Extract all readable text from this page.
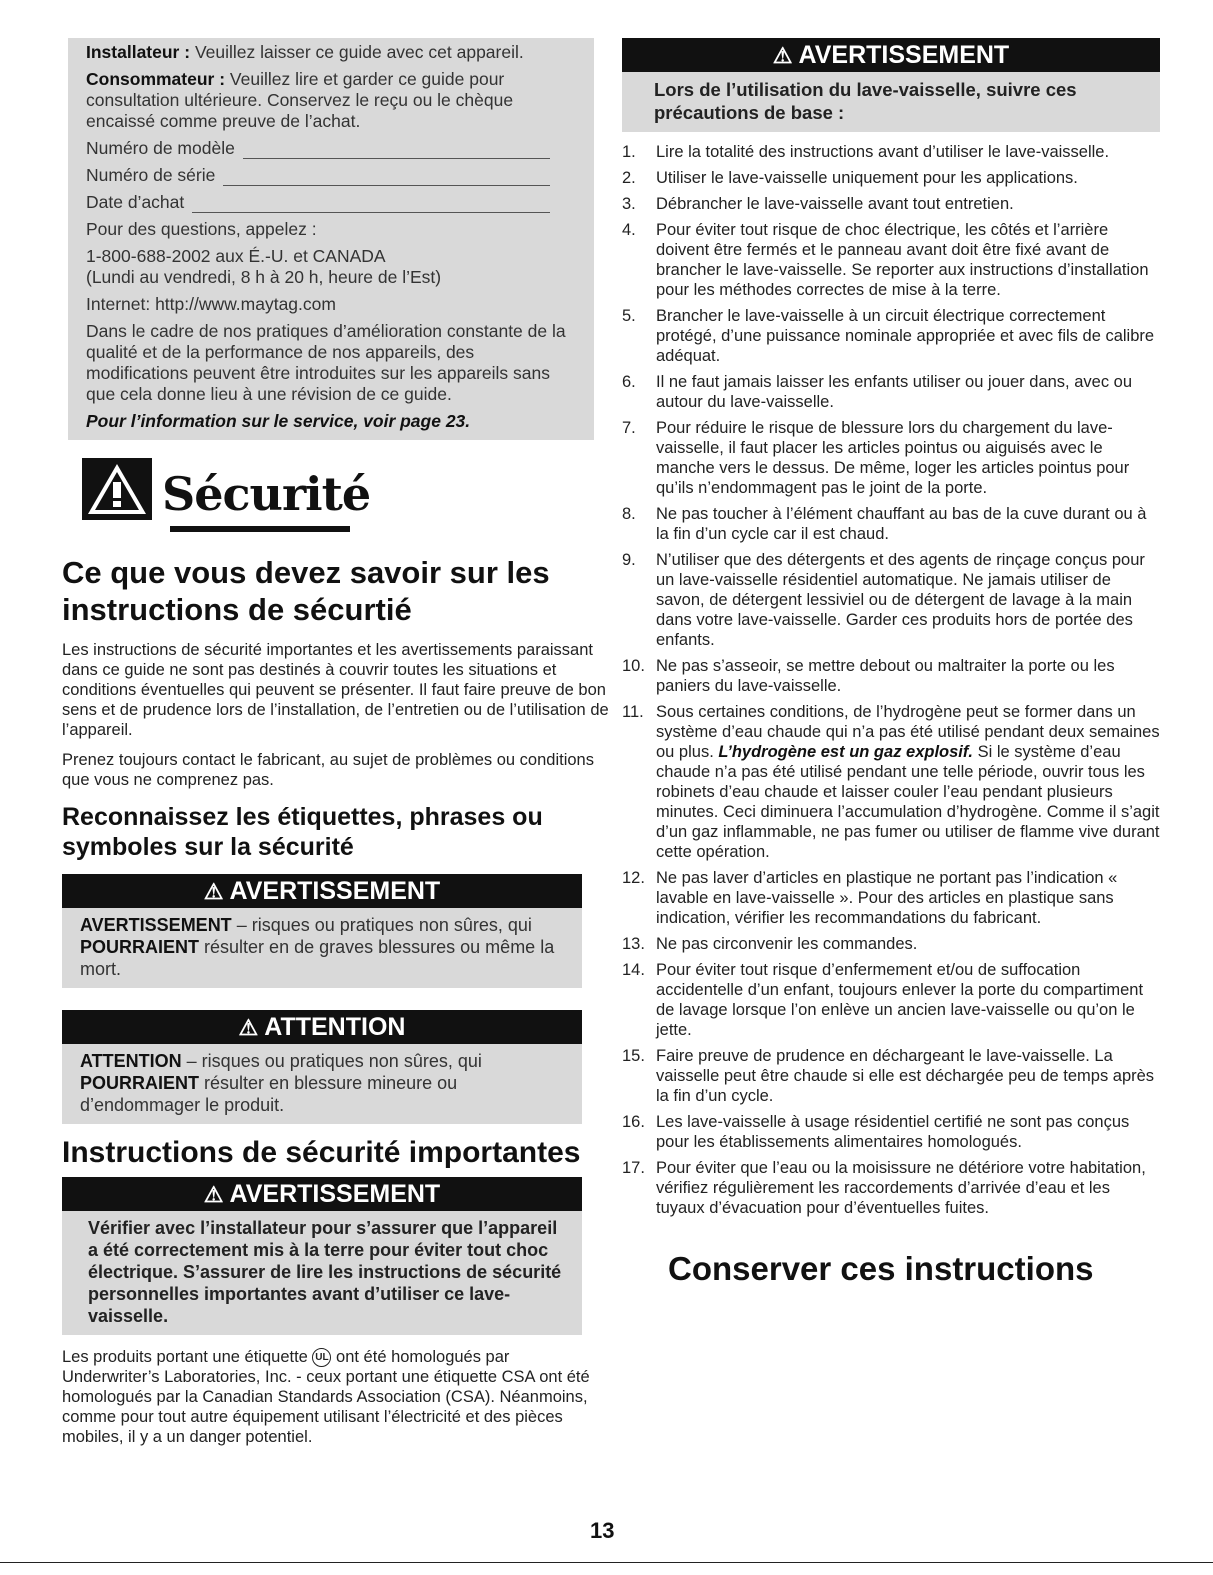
Installateur : Veuillez laisser ce guide avec cet appareil.

Consommateur : Veuillez lire et garder ce guide pour consultation ultérieure. Conservez le reçu ou le chèque encaissé comme preuve de l’achat.

Numéro de modèle

Numéro de série

Date d’achat

Pour des questions, appelez :

1-800-688-2002 aux É.-U. et CANADA

(Lundi au vendredi, 8 h à 20 h, heure de l’Est)

Internet: http://www.maytag.com

Dans le cadre de nos pratiques d’amélioration constante de la qualité et de la performance de nos appareils, des modifications peuvent être introduites sur les appareils sans que cela donne lieu à une révision de ce guide.

Pour l’information sur le service, voir page 23.

Sécurité
Ce que vous devez savoir sur les instructions de sécurtié

Les instructions de sécurité importantes et les avertissements paraissant dans ce guide ne sont pas destinés à couvrir toutes les situations et conditions éventuelles qui peuvent se présenter. Il faut faire preuve de bon sens et de prudence lors de l’installation, de l’entretien ou de l’utilisation de l’appareil.

Prenez toujours contact le fabricant, au sujet de problèmes ou conditions que vous ne comprenez pas.

Reconnaissez les étiquettes, phrases ou symboles sur la sécurité
⚠ AVERTISSEMENT
AVERTISSEMENT – risques ou pratiques non sûres, qui POURRAIENT résulter en de graves blessures ou même la mort.
⚠ ATTENTION
ATTENTION – risques ou pratiques non sûres, qui POURRAIENT résulter en blessure mineure ou d’endommager le produit.
Instructions de sécurité importantes
⚠ AVERTISSEMENT
Vérifier avec l’installateur pour s’assurer que l’appareil a été correctement mis à la terre pour éviter tout choc électrique. S’assurer de lire les instructions de sécurité personnelles importantes avant d’utiliser ce lave-vaisselle.

Les produits portant une étiquette UL ont été homologués par Underwriter’s Laboratories, Inc. - ceux portant une étiquette CSA ont été homologués par la Canadian Standards Association (CSA). Néanmoins, comme pour tout autre équipement utilisant l’électricité et des pièces mobiles, il y a un danger potentiel.

⚠ AVERTISSEMENT
Lors de l’utilisation du lave-vaisselle, suivre ces précautions de base :
1.	Lire la totalité des instructions avant d’utiliser le lave-vaisselle.
2.	Utiliser le lave-vaisselle uniquement pour les applications.
3.	Débrancher le lave-vaisselle avant tout entretien.
4.	Pour éviter tout risque de choc électrique, les côtés et l’arrière doivent être fermés et le panneau avant doit être fixé avant de brancher le lave-vaisselle. Se reporter aux instructions d’installation pour les méthodes correctes de mise à la terre.
5.	Brancher le lave-vaisselle à un circuit électrique correctement protégé, d’une puissance nominale appropriée et avec fils de calibre adéquat.
6.	Il ne faut jamais laisser les enfants utiliser ou jouer dans, avec ou autour du lave-vaisselle.
7.	Pour réduire le risque de blessure lors du chargement du lave-vaisselle, il faut placer les articles pointus ou aiguisés avec le manche vers le dessus. De même, loger les articles pointus pour qu’ils n’endommagent pas le joint de la porte.
8.	Ne pas toucher à l’élément chauffant au bas de la cuve durant ou à la fin d’un cycle car il est chaud.
9.	N’utiliser que des détergents et des agents de rinçage conçus pour un lave-vaisselle résidentiel automatique. Ne jamais utiliser de savon, de détergent lessiviel ou de détergent de lavage à la main dans votre lave-vaisselle. Garder ces produits hors de portée des enfants.
10. Ne pas s’asseoir, se mettre debout ou maltraiter la porte ou les paniers du lave-vaisselle.
11. Sous certaines conditions, de l’hydrogène peut se former dans un système d’eau chaude qui n’a pas été utilisé pendant deux semaines ou plus. L’hydrogène est un gaz explosif. Si le système d’eau chaude n’a pas été utilisé pendant une telle période, ouvrir tous les robinets d’eau chaude et laisser couler l’eau pendant plusieurs minutes. Ceci diminuera l’accumulation d’hydrogène. Comme il s’agit d’un gaz inflammable, ne pas fumer ou utiliser de flamme vive durant cette opération.
12. Ne pas laver d’articles en plastique ne portant pas l’indication « lavable en lave-vaisselle ». Pour des articles en plastique sans indication, vérifier les recommandations du fabricant.
13. Ne pas circonvenir les commandes.
14. Pour éviter tout risque d’enfermement et/ou de suffocation accidentelle d’un enfant, toujours enlever la porte du compartiment de lavage lorsque l’on enlève un ancien lave-vaisselle ou qu’on le jette.
15. Faire preuve de prudence en déchargeant le lave-vaisselle. La vaisselle peut être chaude si elle est déchargée peu de temps après la fin d’un cycle.
16. Les lave-vaisselle à usage résidentiel certifié ne sont pas conçus pour les établissements alimentaires homologués.
17. Pour éviter que l’eau ou la moisissure ne détériore votre habitation, vérifiez régulièrement les raccordements d’arrivée d’eau et les tuyaux d’évacuation pour d’éventuelles fuites.
Conserver ces instructions
13
